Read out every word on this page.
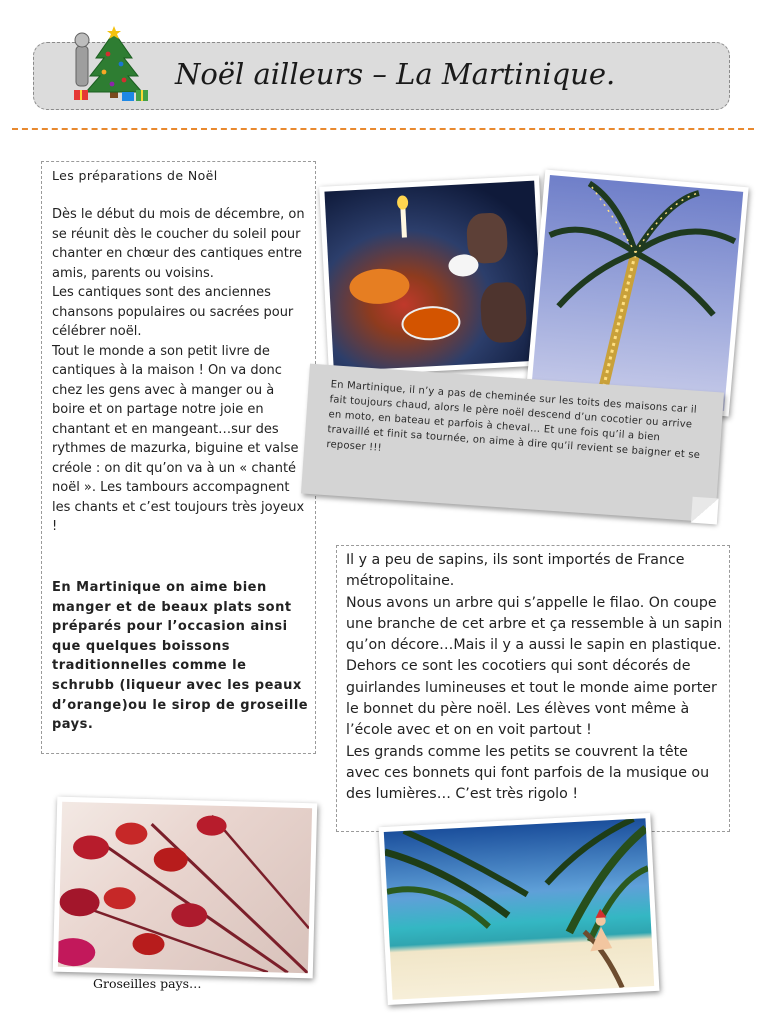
Noël ailleurs – La Martinique.
Les préparations de Noël
Dès le début du mois de décembre, on se réunit dès le coucher du soleil pour chanter en chœur des cantiques entre amis, parents ou voisins.
Les cantiques sont des anciennes chansons populaires ou sacrées pour célébrer noël.
Tout le monde a son petit livre de cantiques à la maison ! On va donc chez les gens avec à manger ou à boire et on partage notre joie en chantant et en mangeant…sur des rythmes de mazurka, biguine et valse créole : on dit qu’on va à un « chanté noël ». Les tambours accompagnent les chants et c’est toujours très joyeux !
En Martinique on aime bien manger et de beaux plats sont préparés pour l’occasion ainsi que quelques boissons traditionnelles comme le schrubb (liqueur avec les peaux d’orange)ou le sirop de groseille pays.
En Martinique, il n’y a pas de cheminée sur les toits des maisons car il fait toujours chaud, alors le père noël descend d’un cocotier ou arrive en moto, en bateau et parfois à cheval… Et une fois qu’il a bien travaillé et finit sa tournée, on aime à dire qu’il revient se baigner et se reposer !!!
Il y a peu de sapins, ils sont importés de France métropolitaine.
Nous avons un arbre qui s’appelle le filao. On coupe une branche de cet arbre et ça ressemble à un sapin qu’on décore…Mais il y a aussi le sapin en plastique.
Dehors ce sont les cocotiers qui sont décorés de guirlandes lumineuses et tout le monde aime porter le bonnet du père noël. Les élèves vont même à l’école avec et on en voit partout !
Les grands comme les petits se couvrent la tête avec ces bonnets qui font parfois de la musique ou des lumières… C’est très rigolo !
Groseilles pays…
